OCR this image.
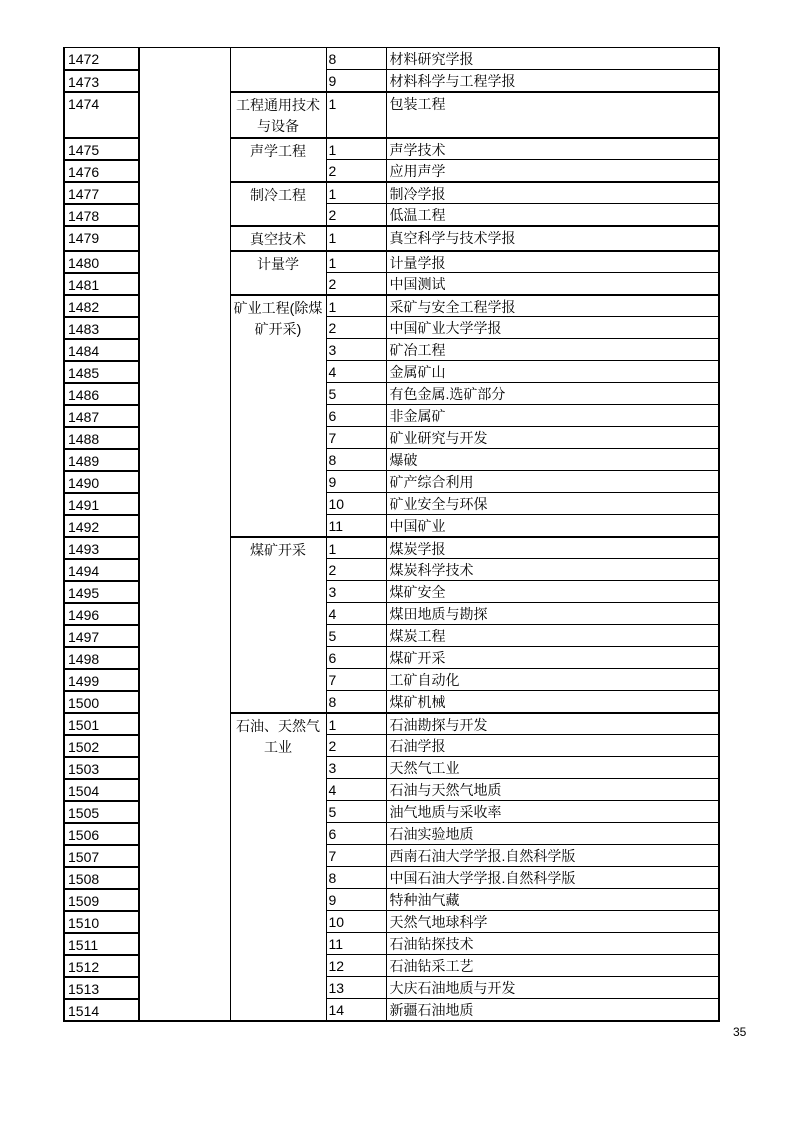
1472			8	材料研究学报
1473			9	材料科学与工程学报
1474		工程通用技术与设备	1	包装工程
1475		声学工程	1	声学技术
1476			2	应用声学
1477		制冷工程	1	制冷学报
1478			2	低温工程
1479		真空技术	1	真空科学与技术学报
1480		计量学	1	计量学报
1481			2	中国测试
1482		矿业工程(除煤矿开采)	1	采矿与安全工程学报
1483			2	中国矿业大学学报
1484			3	矿冶工程
1485			4	金属矿山
1486			5	有色金属.选矿部分
1487			6	非金属矿
1488			7	矿业研究与开发
1489			8	爆破
1490			9	矿产综合利用
1491			10	矿业安全与环保
1492			11	中国矿业
1493		煤矿开采	1	煤炭学报
1494			2	煤炭科学技术
1495			3	煤矿安全
1496			4	煤田地质与勘探
1497			5	煤炭工程
1498			6	煤矿开采
1499			7	工矿自动化
1500			8	煤矿机械
1501		石油、天然气工业	1	石油勘探与开发
1502			2	石油学报
1503			3	天然气工业
1504			4	石油与天然气地质
1505			5	油气地质与采收率
1506			6	石油实验地质
1507			7	西南石油大学学报.自然科学版
1508			8	中国石油大学学报.自然科学版
1509			9	特种油气藏
1510			10	天然气地球科学
1511			11	石油钻探技术
1512			12	石油钻采工艺
1513			13	大庆石油地质与开发
1514			14	新疆石油地质
35
